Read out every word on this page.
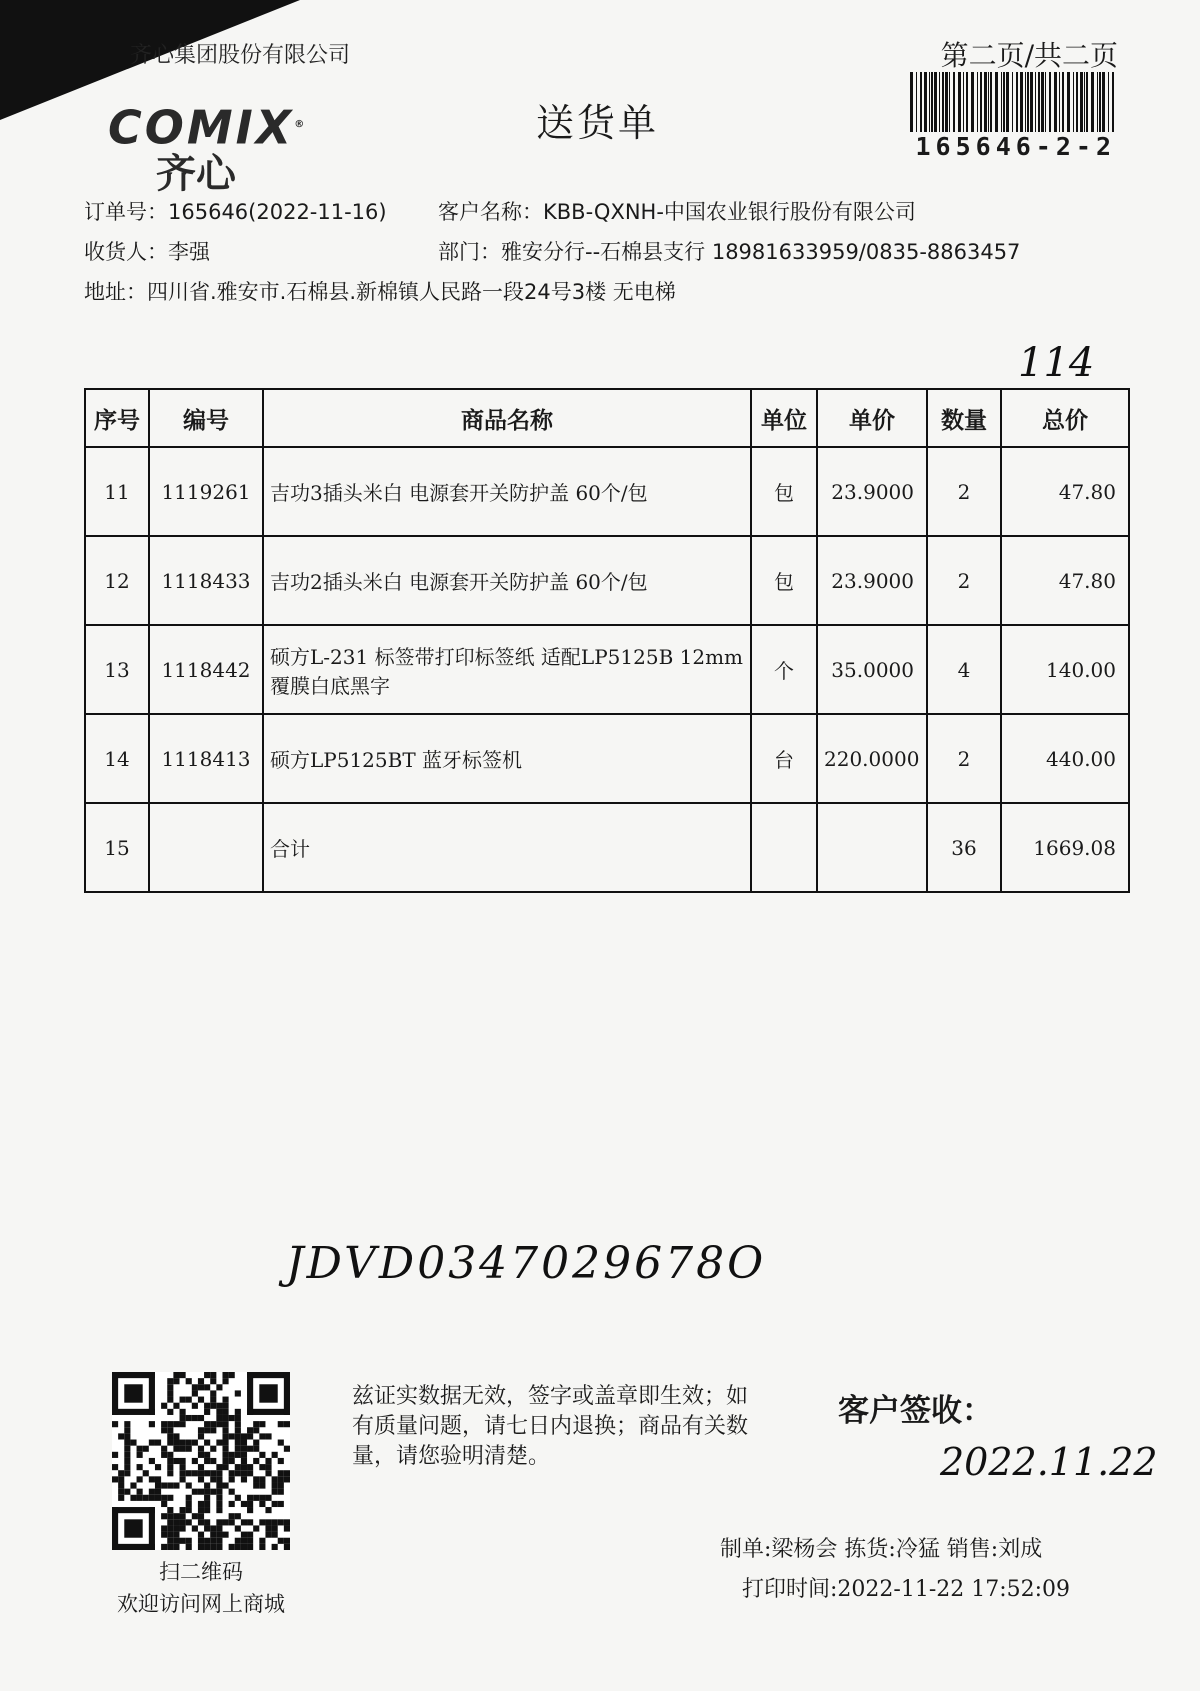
齐心集团股份有限公司	第二页/共二页
COMIX®
齐心
送货单
165646-2-2
订单号：165646(2022-11-16) 客户名称：KBB-QXNH-中国农业银行股份有限公司
收货人：李强	部门：雅安分行--石棉县支行 18981633959/0835-8863457
地址：四川省.雅安市.石棉县.新棉镇人民路一段24号3楼 无电梯
114
序号	编号	商品名称	单位	单价	数量	总价
11	1119261	吉功3插头米白 电源套开关防护盖 60个/包	包	23.9000	2	47.80
12	1118433	吉功2插头米白 电源套开关防护盖 60个/包	包	23.9000	2	47.80
13	1118442	硕方L-231 标签带打印标签纸 适配LP5125B 12mm覆膜白底黑字	个	35.0000	4	140.00
14	1118413	硕方LP5125BT 蓝牙标签机	台	220.0000	2	440.00
15		合计			36	1669.08
JDVD0347029678O
扫二维码
欢迎访问网上商城
兹证实数据无效，签字或盖章即生效；如有质量问题，请七日内退换；商品有关数量，请您验明清楚。
客户签收：
2022.11.22
制单:梁杨会 拣货:冷猛 销售:刘成
打印时间:2022-11-22 17:52:09
